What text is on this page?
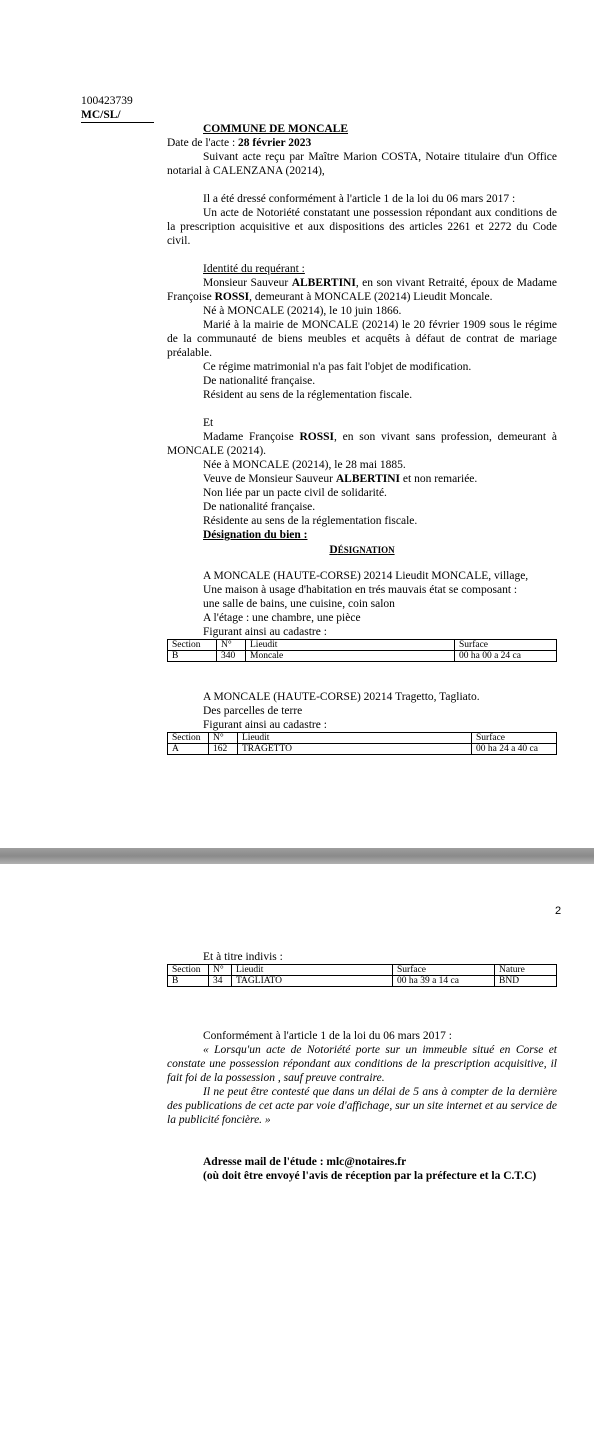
100423739
MC/SL/

COMMUNE DE MONCALE

Date de l'acte : 28 février 2023

Suivant acte reçu par Maître Marion COSTA, Notaire titulaire d'un Office notarial à CALENZANA (20214),

Il a été dressé conformément à l'article 1 de la loi du 06 mars 2017 :

Un acte de Notoriété constatant une possession répondant aux conditions de la prescription acquisitive et aux dispositions des articles 2261 et 2272 du Code civil.

Identité du requérant :

Monsieur Sauveur ALBERTINI, en son vivant Retraité, époux de Madame Françoise ROSSI, demeurant à MONCALE (20214) Lieudit Moncale.

Né à MONCALE (20214), le 10 juin 1866.

Marié à la mairie de MONCALE (20214) le 20 février 1909 sous le régime de la communauté de biens meubles et acquêts à défaut de contrat de mariage préalable.

Ce régime matrimonial n'a pas fait l'objet de modification.

De nationalité française.

Résident au sens de la réglementation fiscale.

Et

Madame Françoise ROSSI, en son vivant sans profession, demeurant à MONCALE (20214).

Née à MONCALE (20214), le 28 mai 1885.

Veuve de Monsieur Sauveur ALBERTINI et non remariée.

Non liée par un pacte civil de solidarité.

De nationalité française.

Résidente au sens de la réglementation fiscale.

Désignation du bien :

DÉSIGNATION

A MONCALE (HAUTE-CORSE) 20214 Lieudit MONCALE, village,

Une maison à usage d'habitation en trés mauvais état se composant :

une salle de bains, une cuisine, coin salon

A l'étage : une chambre, une pièce

Figurant ainsi au cadastre :

Section	N°	Lieudit	Surface
B	340	Moncale	00 ha 00 a 24 ca

A MONCALE (HAUTE-CORSE) 20214 Tragetto, Tagliato.

Des parcelles de terre

Figurant ainsi au cadastre :

Section	N°	Lieudit	Surface
A	162	TRAGETTO	00 ha 24 a 40 ca
2

Et à titre indivis :

Section	N°	Lieudit	Surface	Nature
B	34	TAGLIATO	00 ha 39 a 14 ca	BND

Conformément à l'article 1 de la loi du 06 mars 2017 :

« Lorsqu'un acte de Notoriété porte sur un immeuble situé en Corse et constate une possession répondant aux conditions de la prescription acquisitive, il fait foi de la possession , sauf preuve contraire.

Il ne peut être contesté que dans un délai de 5 ans à compter de la dernière des publications de cet acte par voie d'affichage, sur un site internet et au service de la publicité foncière. »

Adresse mail de l'étude : mlc@notaires.fr

(où doit être envoyé l'avis de réception par la préfecture et la C.T.C)
